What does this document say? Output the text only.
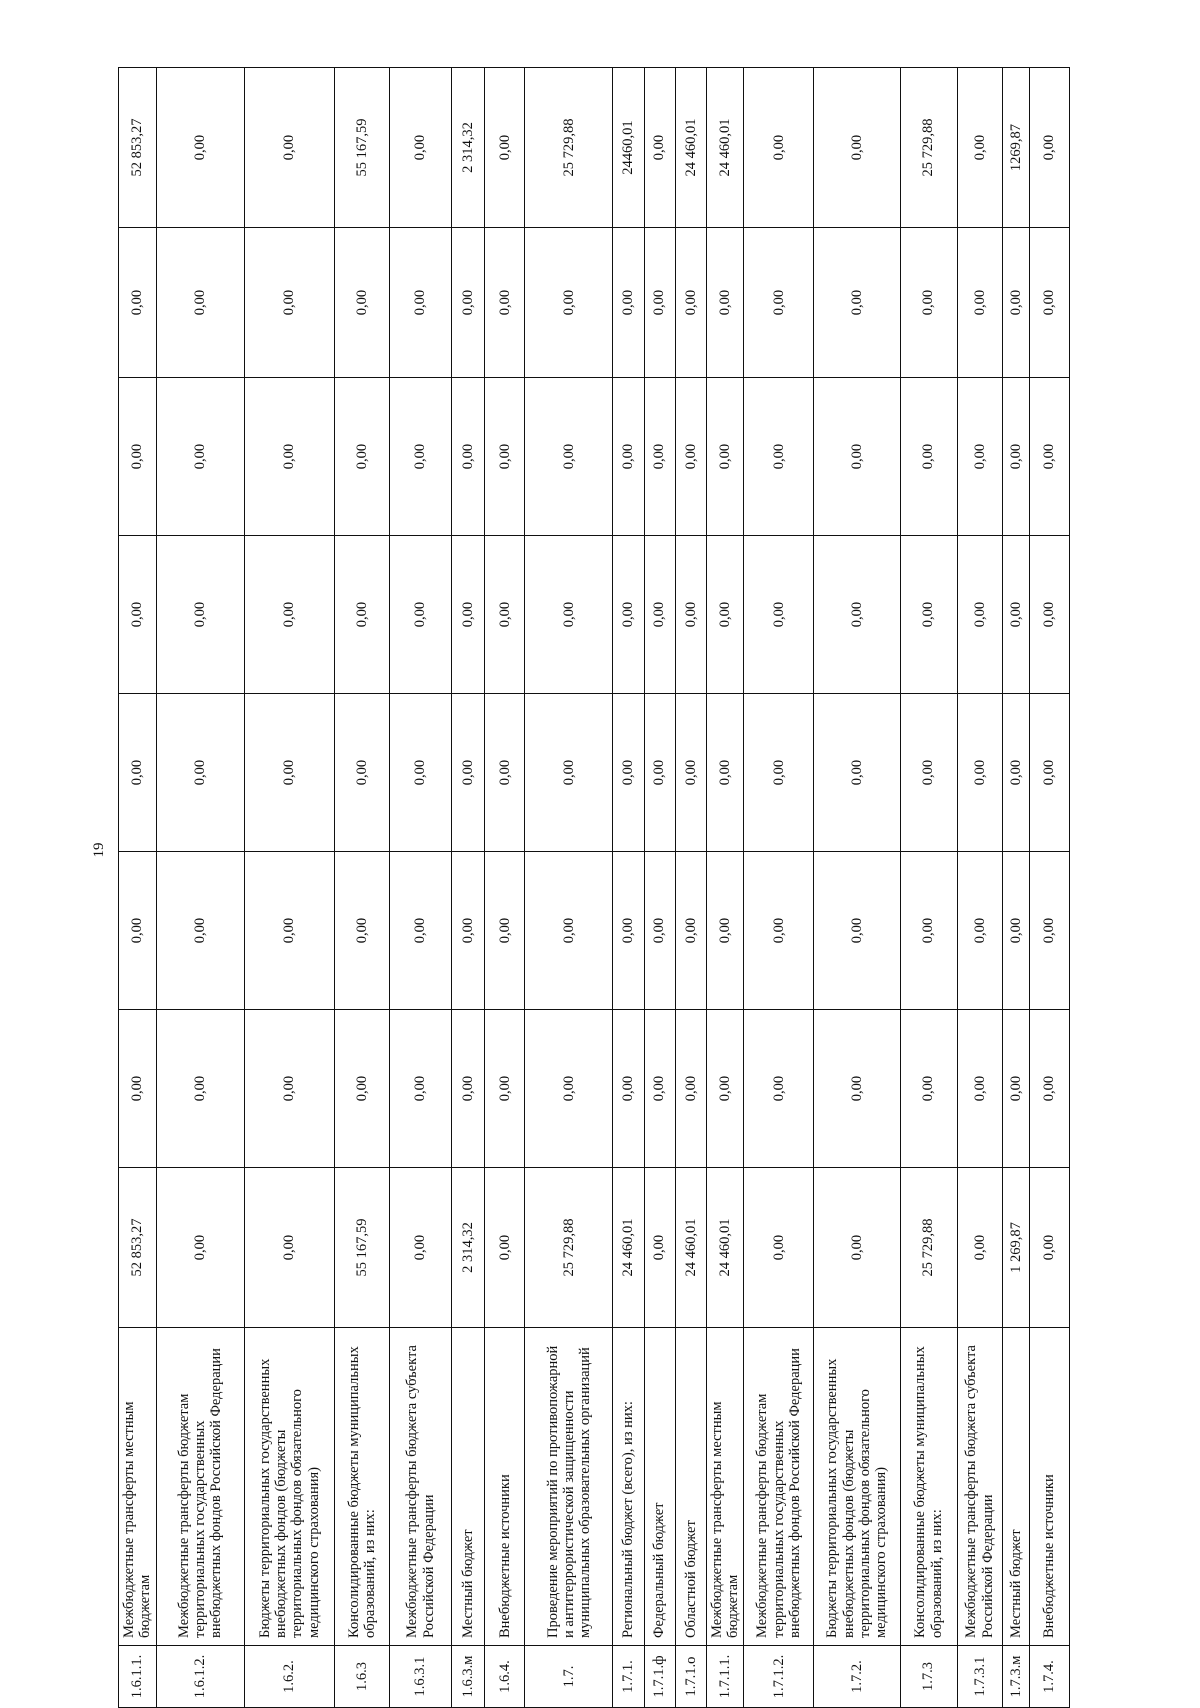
19
1.6.1.1.	Межбюджетные трансферты местным бюджетам	52 853,27	0,00	0,00	0,00	0,00	0,00	0,00	52 853,27
1.6.1.2.	Межбюджетные трансферты бюджетам территориальных государственных внебюджетных фондов Российской Федерации	0,00	0,00	0,00	0,00	0,00	0,00	0,00	0,00
1.6.2.	Бюджеты территориальных государственных внебюджетных фондов (бюджеты территориальных фондов обязательного медицинского страхования)	0,00	0,00	0,00	0,00	0,00	0,00	0,00	0,00
1.6.3	Консолидированные бюджеты муниципальных образований, из них:	55 167,59	0,00	0,00	0,00	0,00	0,00	0,00	55 167,59
1.6.3.1	Межбюджетные трансферты бюджета субъекта Российской Федерации	0,00	0,00	0,00	0,00	0,00	0,00	0,00	0,00
1.6.3.м	Местный бюджет	2 314,32	0,00	0,00	0,00	0,00	0,00	0,00	2 314,32
1.6.4.	Внебюджетные источники	0,00	0,00	0,00	0,00	0,00	0,00	0,00	0,00
1.7.	Проведение мероприятий по противопожарной и антитеррористической защищенности муниципальных образовательных организаций	25 729,88	0,00	0,00	0,00	0,00	0,00	0,00	25 729,88
1.7.1.	Региональный бюджет (всего), из них:	24 460,01	0,00	0,00	0,00	0,00	0,00	0,00	24460,01
1.7.1.ф	Федеральный бюджет	0,00	0,00	0,00	0,00	0,00	0,00	0,00	0,00
1.7.1.о	Областной бюджет	24 460,01	0,00	0,00	0,00	0,00	0,00	0,00	24 460,01
1.7.1.1.	Межбюджетные трансферты местным бюджетам	24 460,01	0,00	0,00	0,00	0,00	0,00	0,00	24 460,01
1.7.1.2.	Межбюджетные трансферты бюджетам территориальных государственных внебюджетных фондов Российской Федерации	0,00	0,00	0,00	0,00	0,00	0,00	0,00	0,00
1.7.2.	Бюджеты территориальных государственных внебюджетных фондов (бюджеты территориальных фондов обязательного медицинского страхования)	0,00	0,00	0,00	0,00	0,00	0,00	0,00	0,00
1.7.3	Консолидированные бюджеты муниципальных образований, из них:	25 729,88	0,00	0,00	0,00	0,00	0,00	0,00	25 729,88
1.7.3.1	Межбюджетные трансферты бюджета субъекта Российской Федерации	0,00	0,00	0,00	0,00	0,00	0,00	0,00	0,00
1.7.3.м	Местный бюджет	1 269,87	0,00	0,00	0,00	0,00	0,00	0,00	1269,87
1.7.4.	Внебюджетные источники	0,00	0,00	0,00	0,00	0,00	0,00	0,00	0,00
